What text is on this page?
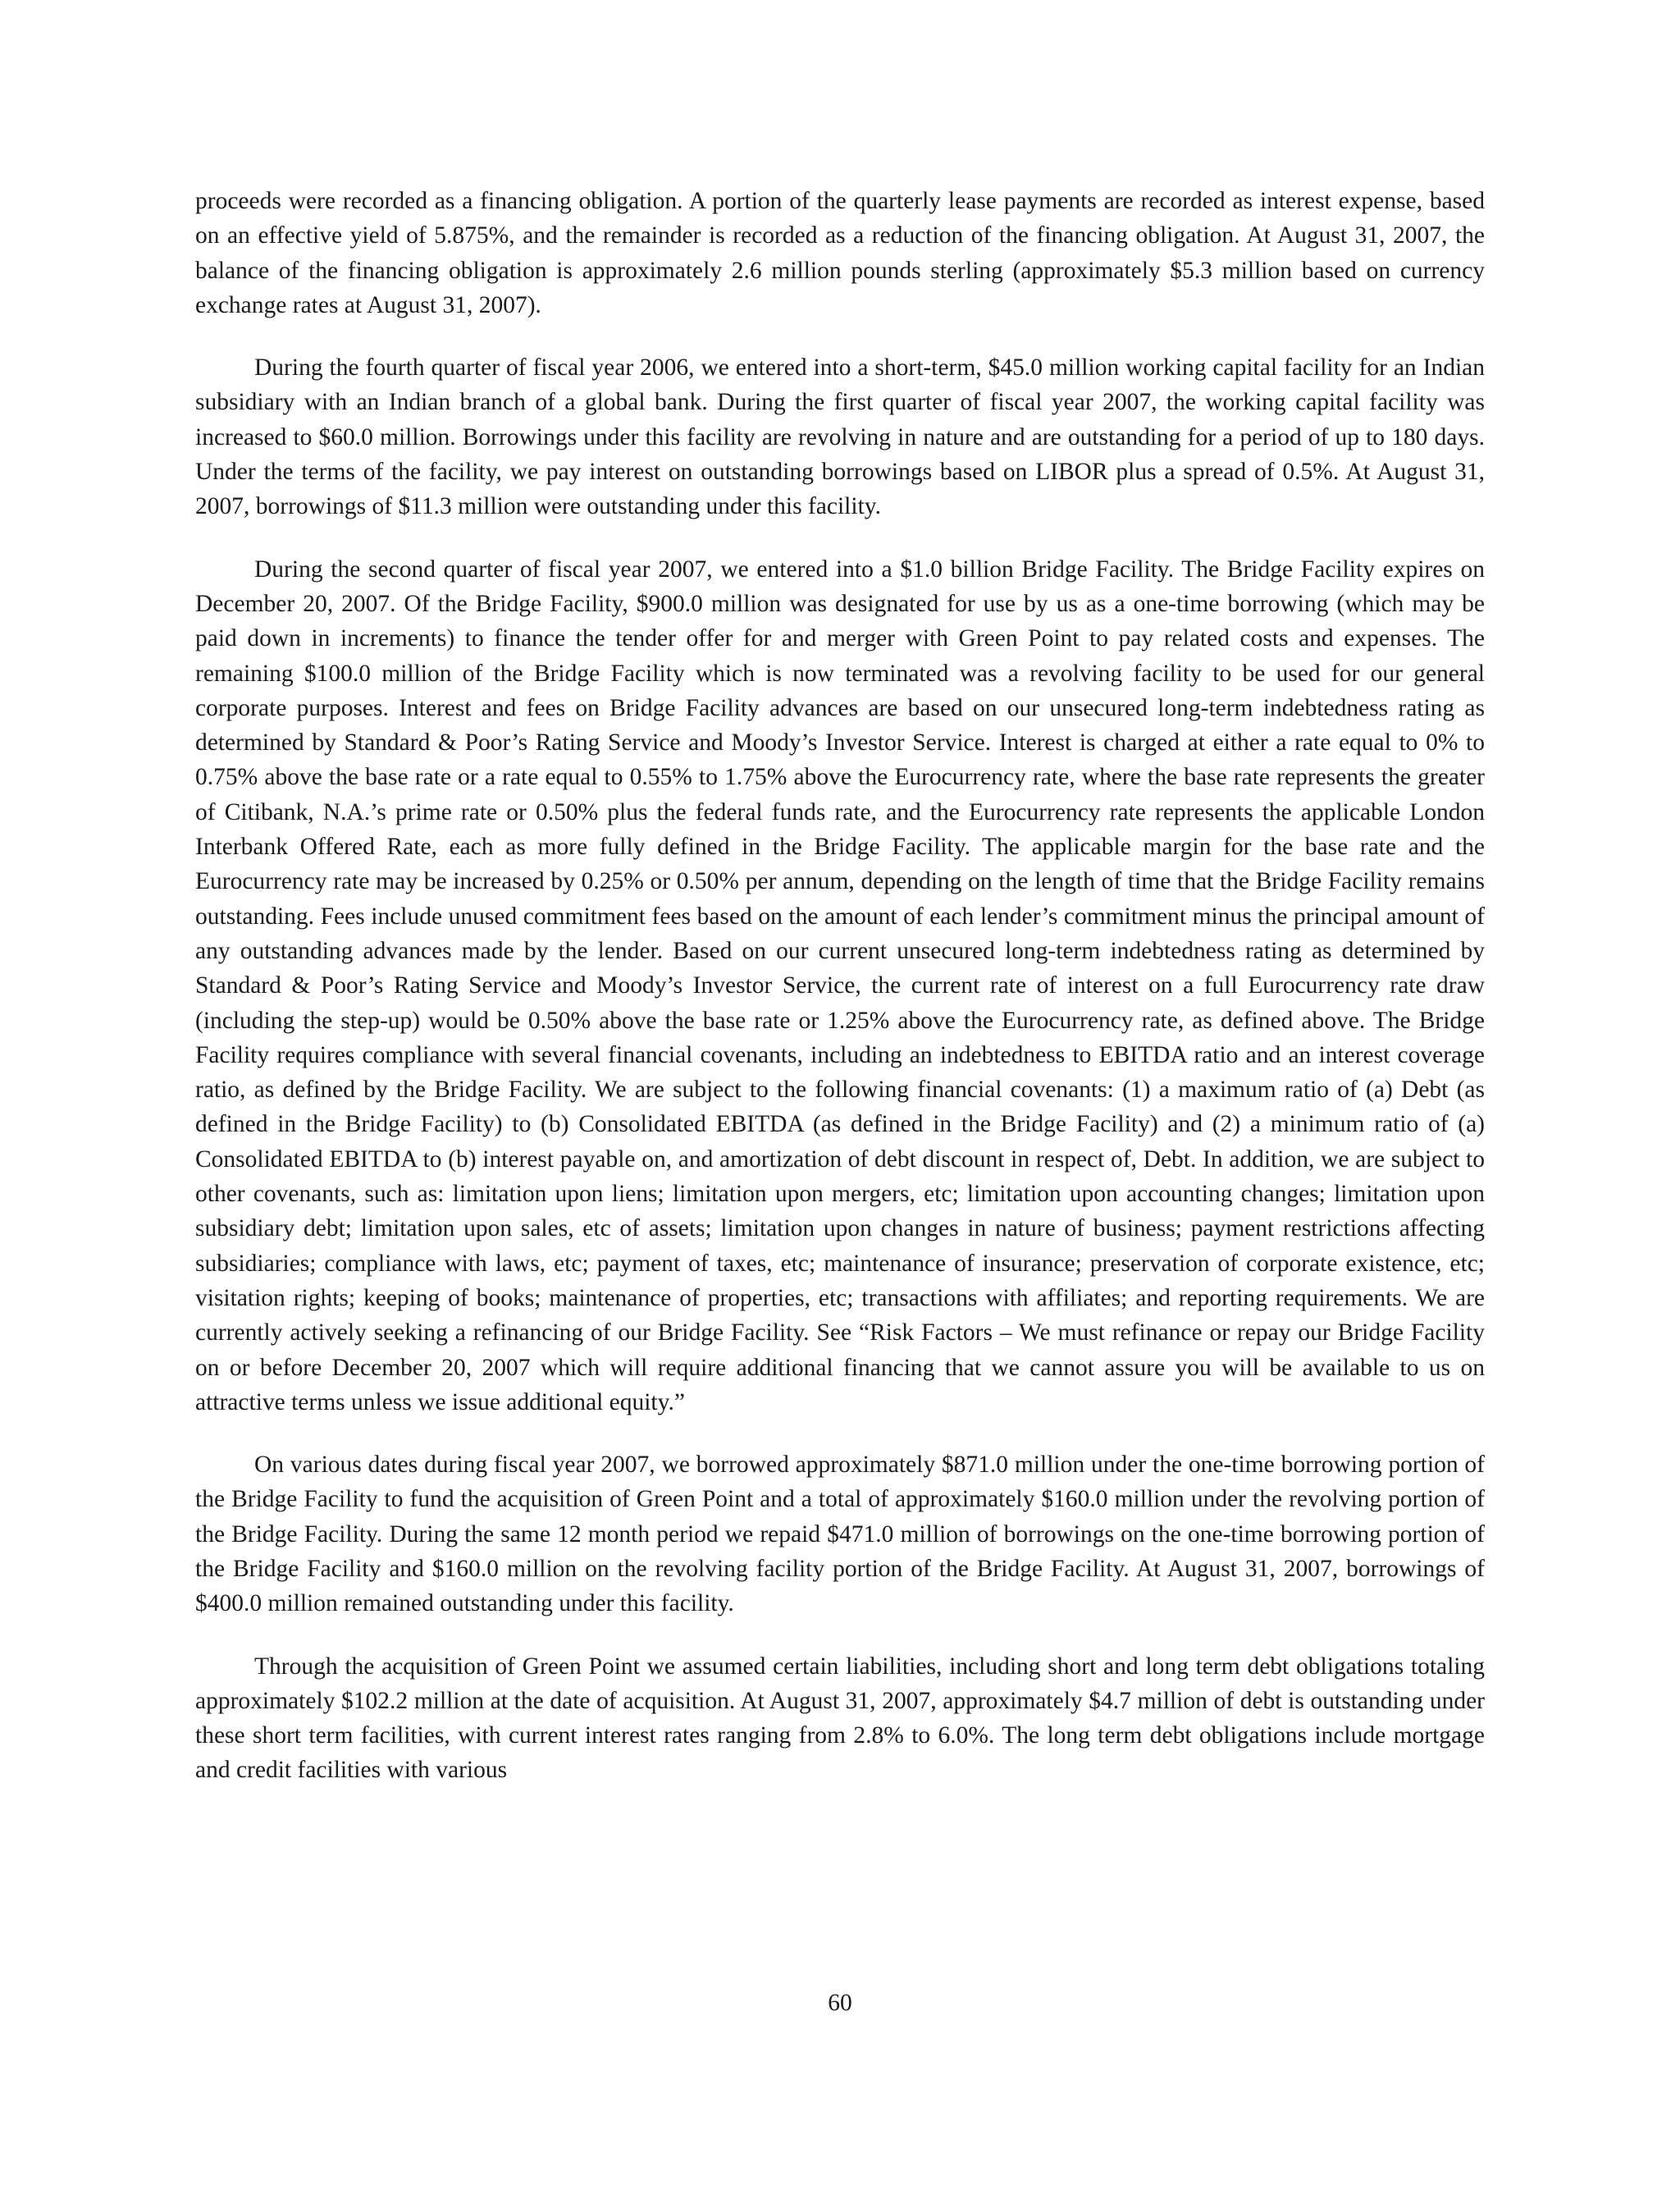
proceeds were recorded as a financing obligation. A portion of the quarterly lease payments are recorded as interest expense, based on an effective yield of 5.875%, and the remainder is recorded as a reduction of the financing obligation. At August 31, 2007, the balance of the financing obligation is approximately 2.6 million pounds sterling (approximately $5.3 million based on currency exchange rates at August 31, 2007).

During the fourth quarter of fiscal year 2006, we entered into a short-term, $45.0 million working capital facility for an Indian subsidiary with an Indian branch of a global bank. During the first quarter of fiscal year 2007, the working capital facility was increased to $60.0 million. Borrowings under this facility are revolving in nature and are outstanding for a period of up to 180 days. Under the terms of the facility, we pay interest on outstanding borrowings based on LIBOR plus a spread of 0.5%. At August 31, 2007, borrowings of $11.3 million were outstanding under this facility.

During the second quarter of fiscal year 2007, we entered into a $1.0 billion Bridge Facility. The Bridge Facility expires on December 20, 2007. Of the Bridge Facility, $900.0 million was designated for use by us as a one-time borrowing (which may be paid down in increments) to finance the tender offer for and merger with Green Point to pay related costs and expenses. The remaining $100.0 million of the Bridge Facility which is now terminated was a revolving facility to be used for our general corporate purposes. Interest and fees on Bridge Facility advances are based on our unsecured long-term indebtedness rating as determined by Standard & Poor’s Rating Service and Moody’s Investor Service. Interest is charged at either a rate equal to 0% to 0.75% above the base rate or a rate equal to 0.55% to 1.75% above the Eurocurrency rate, where the base rate represents the greater of Citibank, N.A.’s prime rate or 0.50% plus the federal funds rate, and the Eurocurrency rate represents the applicable London Interbank Offered Rate, each as more fully defined in the Bridge Facility. The applicable margin for the base rate and the Eurocurrency rate may be increased by 0.25% or 0.50% per annum, depending on the length of time that the Bridge Facility remains outstanding. Fees include unused commitment fees based on the amount of each lender’s commitment minus the principal amount of any outstanding advances made by the lender. Based on our current unsecured long-term indebtedness rating as determined by Standard & Poor’s Rating Service and Moody’s Investor Service, the current rate of interest on a full Eurocurrency rate draw (including the step-up) would be 0.50% above the base rate or 1.25% above the Eurocurrency rate, as defined above. The Bridge Facility requires compliance with several financial covenants, including an indebtedness to EBITDA ratio and an interest coverage ratio, as defined by the Bridge Facility. We are subject to the following financial covenants: (1) a maximum ratio of (a) Debt (as defined in the Bridge Facility) to (b) Consolidated EBITDA (as defined in the Bridge Facility) and (2) a minimum ratio of (a) Consolidated EBITDA to (b) interest payable on, and amortization of debt discount in respect of, Debt. In addition, we are subject to other covenants, such as: limitation upon liens; limitation upon mergers, etc; limitation upon accounting changes; limitation upon subsidiary debt; limitation upon sales, etc of assets; limitation upon changes in nature of business; payment restrictions affecting subsidiaries; compliance with laws, etc; payment of taxes, etc; maintenance of insurance; preservation of corporate existence, etc; visitation rights; keeping of books; maintenance of properties, etc; transactions with affiliates; and reporting requirements. We are currently actively seeking a refinancing of our Bridge Facility. See “Risk Factors – We must refinance or repay our Bridge Facility on or before December 20, 2007 which will require additional financing that we cannot assure you will be available to us on attractive terms unless we issue additional equity.”

On various dates during fiscal year 2007, we borrowed approximately $871.0 million under the one-time borrowing portion of the Bridge Facility to fund the acquisition of Green Point and a total of approximately $160.0 million under the revolving portion of the Bridge Facility. During the same 12 month period we repaid $471.0 million of borrowings on the one-time borrowing portion of the Bridge Facility and $160.0 million on the revolving facility portion of the Bridge Facility. At August 31, 2007, borrowings of $400.0 million remained outstanding under this facility.

Through the acquisition of Green Point we assumed certain liabilities, including short and long term debt obligations totaling approximately $102.2 million at the date of acquisition. At August 31, 2007, approximately $4.7 million of debt is outstanding under these short term facilities, with current interest rates ranging from 2.8% to 6.0%. The long term debt obligations include mortgage and credit facilities with various

60
